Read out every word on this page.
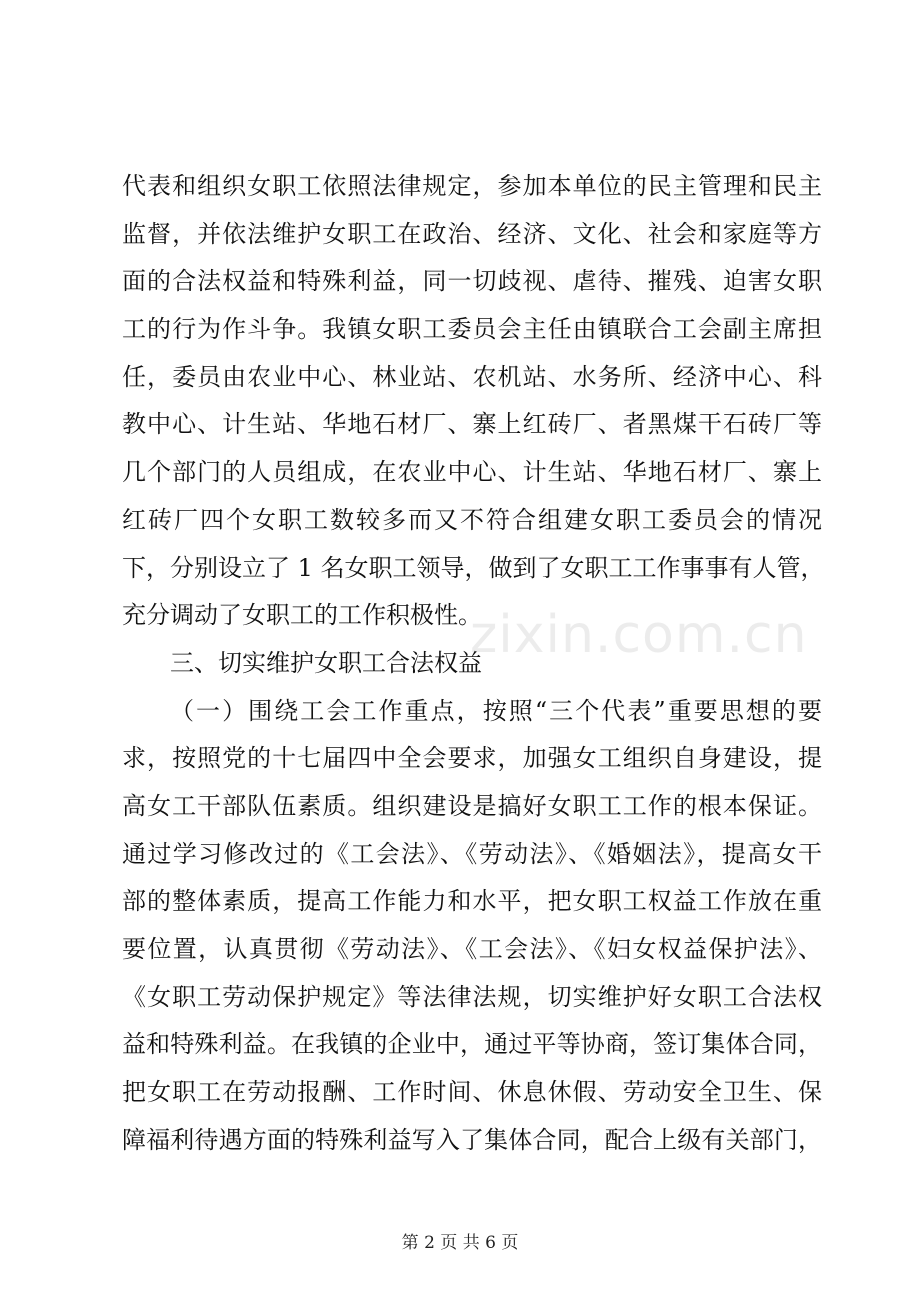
代表和组织女职工依照法律规定，参加本单位的民主管理和民主
监督，并依法维护女职工在政治、经济、文化、社会和家庭等方
面的合法权益和特殊利益，同一切歧视、虐待、摧残、迫害女职
工的行为作斗争。我镇女职工委员会主任由镇联合工会副主席担
任，委员由农业中心、林业站、农机站、水务所、经济中心、科
教中心、计生站、华地石材厂、寨上红砖厂、者黑煤干石砖厂等
几个部门的人员组成，在农业中心、计生站、华地石材厂、寨上
红砖厂四个女职工数较多而又不符合组建女职工委员会的情况
下，分别设立了 1 名女职工领导，做到了女职工工作事事有人管，
充分调动了女职工的工作积极性。
三、切实维护女职工合法权益
（一）围绕工会工作重点，按照“三个代表”重要思想的要
求，按照党的十七届四中全会要求，加强女工组织自身建设，提
高女工干部队伍素质。组织建设是搞好女职工工作的根本保证。
通过学习修改过的《工会法》、《劳动法》、《婚姻法》，提高女干
部的整体素质，提高工作能力和水平，把女职工权益工作放在重
要位置，认真贯彻《劳动法》、《工会法》、《妇女权益保护法》、
《女职工劳动保护规定》等法律法规，切实维护好女职工合法权
益和特殊利益。在我镇的企业中，通过平等协商，签订集体合同，
把女职工在劳动报酬、工作时间、休息休假、劳动安全卫生、保
障福利待遇方面的特殊利益写入了集体合同，配合上级有关部门，
zixin.com.cn
第 2 页 共 6 页
